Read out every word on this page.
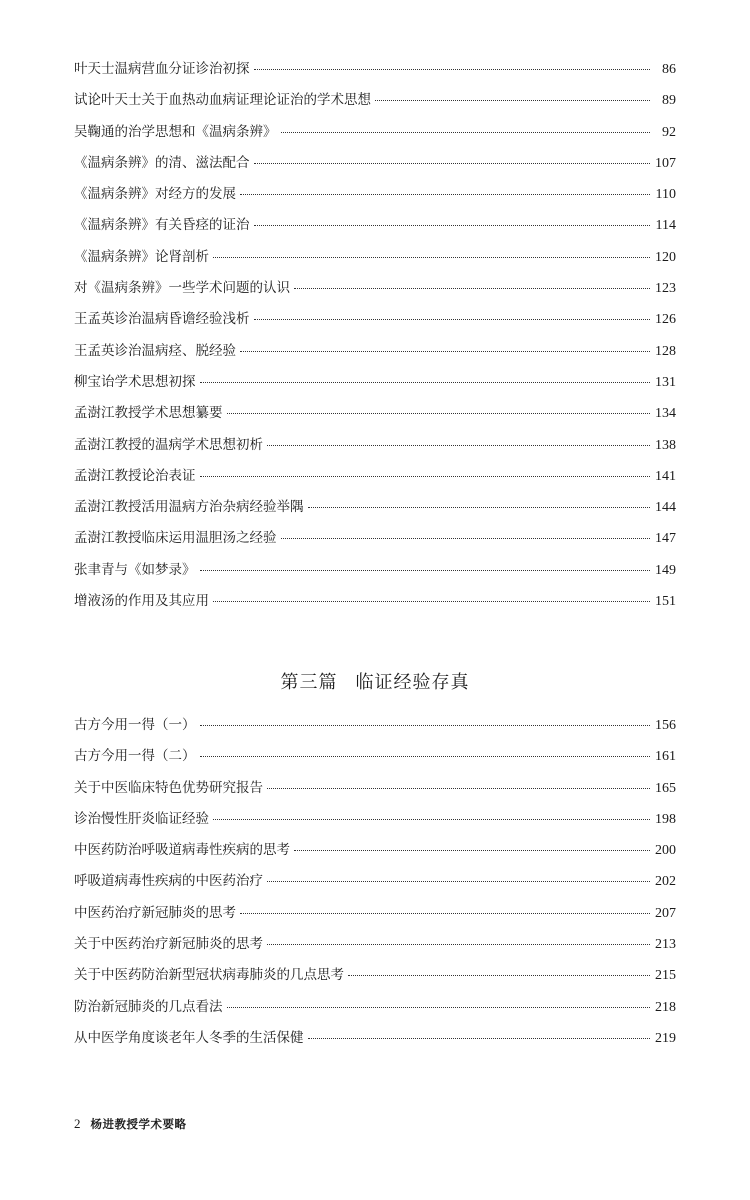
叶天士温病营血分证诊治初探	86
试论叶天士关于血热动血病证理论证治的学术思想	89
吴鞠通的治学思想和《温病条辨》	92
《温病条辨》的清、滋法配合	107
《温病条辨》对经方的发展	110
《温病条辨》有关昏痉的证治	114
《温病条辨》论肾剖析	120
对《温病条辨》一些学术问题的认识	123
王孟英诊治温病昏谵经验浅析	126
王孟英诊治温病痉、脱经验	128
柳宝诒学术思想初探	131
孟澍江教授学术思想纂要	134
孟澍江教授的温病学术思想初析	138
孟澍江教授论治表证	141
孟澍江教授活用温病方治杂病经验举隅	144
孟澍江教授临床运用温胆汤之经验	147
张聿青与《如梦录》	149
增液汤的作用及其应用	151
第三篇 临证经验存真
古方今用一得（一）	156
古方今用一得（二）	161
关于中医临床特色优势研究报告	165
诊治慢性肝炎临证经验	198
中医药防治呼吸道病毒性疾病的思考	200
呼吸道病毒性疾病的中医药治疗	202
中医药治疗新冠肺炎的思考	207
关于中医药治疗新冠肺炎的思考	213
关于中医药防治新型冠状病毒肺炎的几点思考	215
防治新冠肺炎的几点看法	218
从中医学角度谈老年人冬季的生活保健	219
2 杨进教授学术要略
